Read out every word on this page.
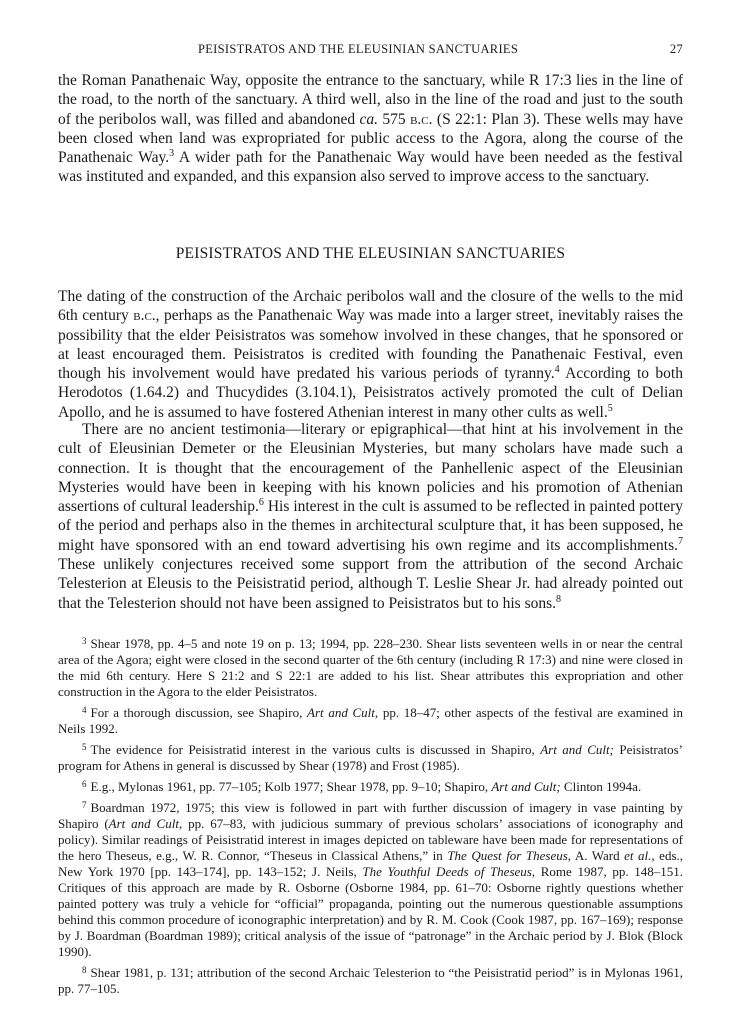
PEISISTRATOS AND THE ELEUSINIAN SANCTUARIES	27

the Roman Panathenaic Way, opposite the entrance to the sanctuary, while R 17:3 lies in the line of the road, to the north of the sanctuary. A third well, also in the line of the road and just to the south of the peribolos wall, was filled and abandoned ca. 575 b.c. (S 22:1: Plan 3). These wells may have been closed when land was expropriated for public access to the Agora, along the course of the Panathenaic Way.$^3$ A wider path for the Panathenaic Way would have been needed as the festival was instituted and expanded, and this expansion also served to improve access to the sanctuary.

PEISISTRATOS AND THE ELEUSINIAN SANCTUARIES

The dating of the construction of the Archaic peribolos wall and the closure of the wells to the mid 6th century b.c., perhaps as the Panathenaic Way was made into a larger street, inevitably raises the possibility that the elder Peisistratos was somehow involved in these changes, that he sponsored or at least encouraged them. Peisistratos is credited with founding the Panathenaic Festival, even though his involvement would have predated his various periods of tyranny.$^4$ According to both Herodotos (1.64.2) and Thucydides (3.104.1), Peisistratos actively promoted the cult of Delian Apollo, and he is assumed to have fostered Athenian interest in many other cults as well.$^5$

There are no ancient testimonia—literary or epigraphical—that hint at his involvement in the cult of Eleusinian Demeter or the Eleusinian Mysteries, but many scholars have made such a connection. It is thought that the encouragement of the Panhellenic aspect of the Eleusinian Mysteries would have been in keeping with his known policies and his promotion of Athenian assertions of cultural leadership.$^6$ His interest in the cult is assumed to be reflected in painted pottery of the period and perhaps also in the themes in architectural sculpture that, it has been supposed, he might have sponsored with an end toward advertising his own regime and its accomplishments.$^7$ These unlikely conjectures received some support from the attribution of the second Archaic Telesterion at Eleusis to the Peisistratid period, although T. Leslie Shear Jr. had already pointed out that the Telesterion should not have been assigned to Peisistratos but to his sons.$^8$

$^3$ Shear 1978, pp. 4–5 and note 19 on p. 13; 1994, pp. 228–230. Shear lists seventeen wells in or near the central area of the Agora; eight were closed in the second quarter of the 6th century (including R 17:3) and nine were closed in the mid 6th century. Here S 21:2 and S 22:1 are added to his list. Shear attributes this expropriation and other construction in the Agora to the elder Peisistratos.

$^4$ For a thorough discussion, see Shapiro, Art and Cult, pp. 18–47; other aspects of the festival are examined in Neils 1992.

$^5$ The evidence for Peisistratid interest in the various cults is discussed in Shapiro, Art and Cult; Peisistratos’ program for Athens in general is discussed by Shear (1978) and Frost (1985).

$^6$ E.g., Mylonas 1961, pp. 77–105; Kolb 1977; Shear 1978, pp. 9–10; Shapiro, Art and Cult; Clinton 1994a.

$^7$ Boardman 1972, 1975; this view is followed in part with further discussion of imagery in vase painting by Shapiro (Art and Cult, pp. 67–83, with judicious summary of previous scholars’ associations of iconography and policy). Similar readings of Peisistratid interest in images depicted on tableware have been made for representations of the hero Theseus, e.g., W. R. Connor, “Theseus in Classical Athens,” in The Quest for Theseus, A. Ward et al., eds., New York 1970 [pp. 143–174], pp. 143–152; J. Neils, The Youthful Deeds of Theseus, Rome 1987, pp. 148–151. Critiques of this approach are made by R. Osborne (Osborne 1984, pp. 61–70: Osborne rightly questions whether painted pottery was truly a vehicle for “official” propaganda, pointing out the numerous questionable assumptions behind this common procedure of iconographic interpretation) and by R. M. Cook (Cook 1987, pp. 167–169); response by J. Boardman (Boardman 1989); critical analysis of the issue of “patronage” in the Archaic period by J. Blok (Block 1990).

$^8$ Shear 1981, p. 131; attribution of the second Archaic Telesterion to “the Peisistratid period” is in Mylonas 1961, pp. 77–105.
